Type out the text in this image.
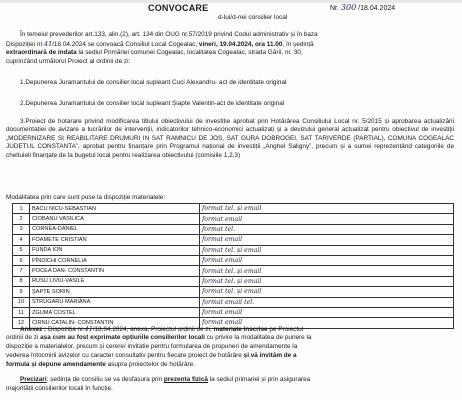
CONVOCARE	Nr. 300 /18.04.2024
d-lui/d-nei consilier local
În temeiul prevederilor art.133, alin.(2), art. 134 din OUG nr.57/2019 privind Codul administrativ și în baza
Dispoziției nr.41/18.04.2024 se convoacă Consiliul Local Cogealac, vineri, 19.04.2024, ora 11.00, în ședință
extraordinară de indata la sediul Primăriei comunei Cogealac, localitatea Cogealac, strada Gării, nr. 30,
cuprinzând următorul Proiect al ordinii de zi:
1.Depunerea Juramantului de consilier local supleant Cuci Alexandru- act de identitate original
2.Depunerea Juramantului de consilier local supleant Șiapte Valentin-act de identitate original
3.Proiect de hotarare privind modificarea titlului obiectivului de investitie aprobat prin Hotărârea Consiliului Local nr. 5/2015 și aprobarea actualizării documentației de avizare a lucrărilor de intervenții, indicatorilor tehnico-economici actualizați și a devizului general actualizat pentru obiectivul de investiții „MODERNIZARE SI REABILITARE DRUMURI IN SAT RAMNICU DE JOS, SAT GURA DOBROGEI, SAT TARIVERDE (PARTIAL), COMUNA COGEALAC JUDETUL CONSTANTA”, aprobat pentru finanțare prin Programul național de investiții „Anghel Saligny”, precum și a sumei reprezentând categoriile de cheltuieli finanțate de la bugetul local pentru realizarea obiectivului (comisiile 1,2,3)
Modalitatea prin care sunt puse la dispoziție materialele:
1	BACU NICU-SEBASTIAN	format tel. și email
2	CIOBANU VASILICA	format email
3	CORNEA-DANIEL	format tel.
4	FOAMETE CRISTIAN	format email
5	FUNDA ION	format tel. și email
6	PÎNDICHI CORNELIA	format email
7	POCEA DAN- CONSTANTIN	format tel. și email
8	RUSU LIVIU-VASILE	format tel. și email
9	ȘAPTE SORIN	format tel. și email
10	STRUGARU MARIANA	format email tel.
11	ZGUMA COSTEL	format email
12	CIRNU CATALIN- CONSTANTIN	format email
Anexez : Dispoziția nr.41/18.04.2024, anexa, Proiectul ordinii de zi, materiale înscrise pe Proiectul
ordinii de zi așa cum au fost exprimate opțiunile consilierilor locali cu privire la modalitatea de punere la
dispoziție a materialelor, precum și cerere/ invitatie pentru formularea de propuneri de amendamente la
vederea întocmirii avizelor cu caracter consultativ pentru fiecare proiect de hotărâre și vă invităm de a
formula și depune amendamente asupra proiectelor de hotărâre.
Precizari: ședința de consiliu se va desfașura prin prezenta fizică la sediul primariei și prin asigurarea
majorității consilierilor locali în funcție.
